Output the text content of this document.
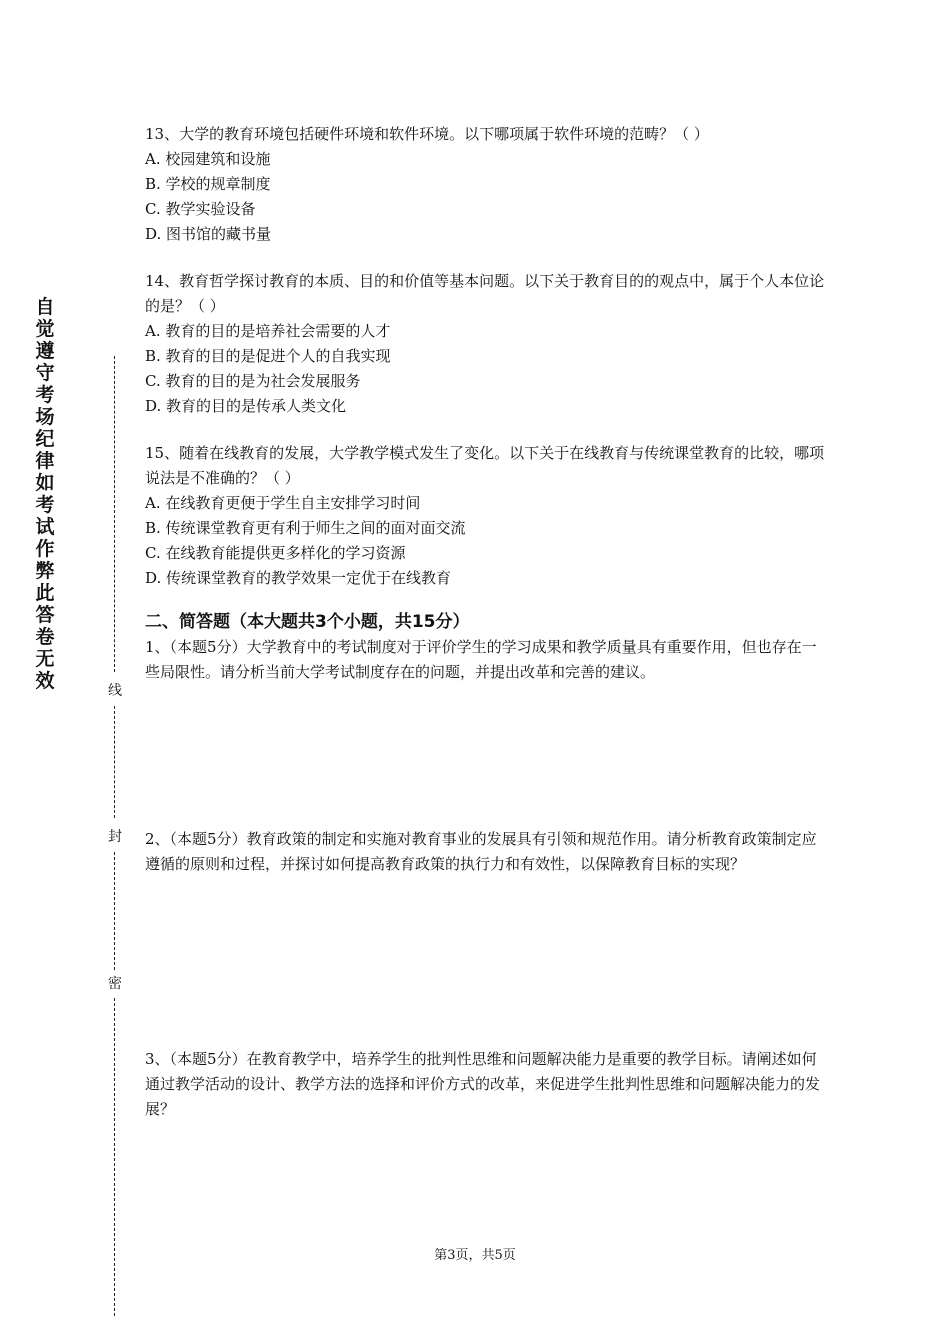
自觉遵守考场纪律如考试作弊此答卷无效	线
封
密
13、大学的教育环境包括硬件环境和软件环境。以下哪项属于软件环境的范畴？（ ）
A. 校园建筑和设施
B. 学校的规章制度
C. 教学实验设备
D. 图书馆的藏书量
14、教育哲学探讨教育的本质、目的和价值等基本问题。以下关于教育目的的观点中，属于个人本位论的是？（ ）
A. 教育的目的是培养社会需要的人才
B. 教育的目的是促进个人的自我实现
C. 教育的目的是为社会发展服务
D. 教育的目的是传承人类文化
15、随着在线教育的发展，大学教学模式发生了变化。以下关于在线教育与传统课堂教育的比较，哪项说法是不准确的？（ ）
A. 在线教育更便于学生自主安排学习时间
B. 传统课堂教育更有利于师生之间的面对面交流
C. 在线教育能提供更多样化的学习资源
D. 传统课堂教育的教学效果一定优于在线教育
二、简答题（本大题共3个小题，共15分）
1、（本题5分）大学教育中的考试制度对于评价学生的学习成果和教学质量具有重要作用，但也存在一些局限性。请分析当前大学考试制度存在的问题，并提出改革和完善的建议。
2、（本题5分）教育政策的制定和实施对教育事业的发展具有引领和规范作用。请分析教育政策制定应遵循的原则和过程，并探讨如何提高教育政策的执行力和有效性，以保障教育目标的实现？
3、（本题5分）在教育教学中，培养学生的批判性思维和问题解决能力是重要的教学目标。请阐述如何通过教学活动的设计、教学方法的选择和评价方式的改革，来促进学生批判性思维和问题解决能力的发展？
第3页，共5页
